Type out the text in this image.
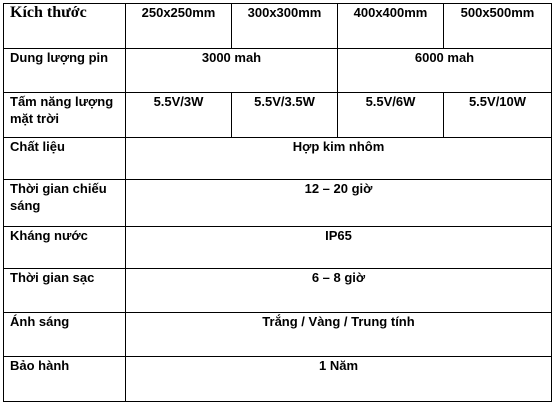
Kích thước	250x250mm	300x300mm	400x400mm	500x500mm
Dung lượng pin	3000 mah		6000 mah	
Tấm năng lượng mặt trời	5.5V/3W	5.5V/3.5W	5.5V/6W	5.5V/10W
Chất liệu	Hợp kim nhôm			
Thời gian chiếu sáng	12 – 20 giờ			
Kháng nước	IP65			
Thời gian sạc	6 – 8 giờ			
Ánh sáng	Trắng / Vàng / Trung tính			
Bảo hành	1 Năm			
